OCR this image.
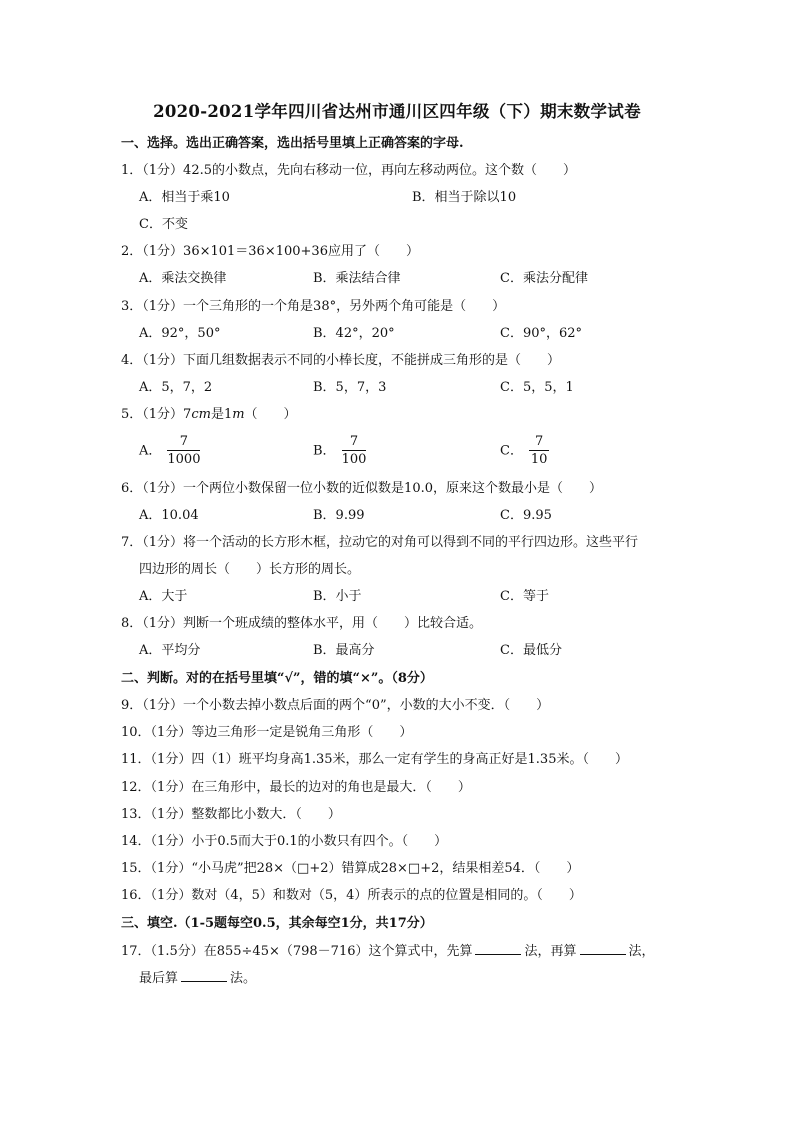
2020-2021学年四川省达州市通川区四年级（下）期末数学试卷
一、选择。选出正确答案，选出括号里填上正确答案的字母.
1．（1分）42.5的小数点，先向右移动一位，再向左移动两位。这个数（　　）
A．相当于乘10	B．相当于除以10
C．不变
2．（1分）36×101＝36×100+36应用了（　　）
A．乘法交换律	B．乘法结合律	C．乘法分配律
3．（1分）一个三角形的一个角是38°，另外两个角可能是（　　）
A．92°，50°	B．42°，20°	C．90°，62°
4．（1分）下面几组数据表示不同的小棒长度，不能拼成三角形的是（　　）
A．5，7，2	B．5，7，3	C．5，5，1
5．（1分）7cm是1m（　　）
A． $\frac{7}{1000}$	B． $\frac{7}{100}$	C． $\frac{7}{10}$
6．（1分）一个两位小数保留一位小数的近似数是10.0，原来这个数最小是（　　）
A．10.04	B．9.99	C．9.95
7．（1分）将一个活动的长方形木框，拉动它的对角可以得到不同的平行四边形。这些平行
四边形的周长（　　）长方形的周长。
A．大于	B．小于	C．等于
8．（1分）判断一个班成绩的整体水平，用（　　）比较合适。
A．平均分	B．最高分	C．最低分
二、判断。对的在括号里填“√”，错的填“×”。（8分）
9．（1分）一个小数去掉小数点后面的两个“0”，小数的大小不变．（　　）
10．（1分）等边三角形一定是锐角三角形（　　）
11．（1分）四（1）班平均身高1.35米，那么一定有学生的身高正好是1.35米。（　　）
12．（1分）在三角形中，最长的边对的角也是最大．（　　）
13．（1分）整数都比小数大．（　　）
14．（1分）小于0.5而大于0.1的小数只有四个。（　　）
15．（1分）“小马虎”把28×（□+2）错算成28×□+2，结果相差54．（　　）
16．（1分）数对（4，5）和数对（5，4）所表示的点的位置是相同的。（　　）
三、填空.（1-5题每空0.5，其余每空1分，共17分）
17．（1.5分）在855÷45×（798－716）这个算式中，先算	法，再算	法，
最后算	法。
